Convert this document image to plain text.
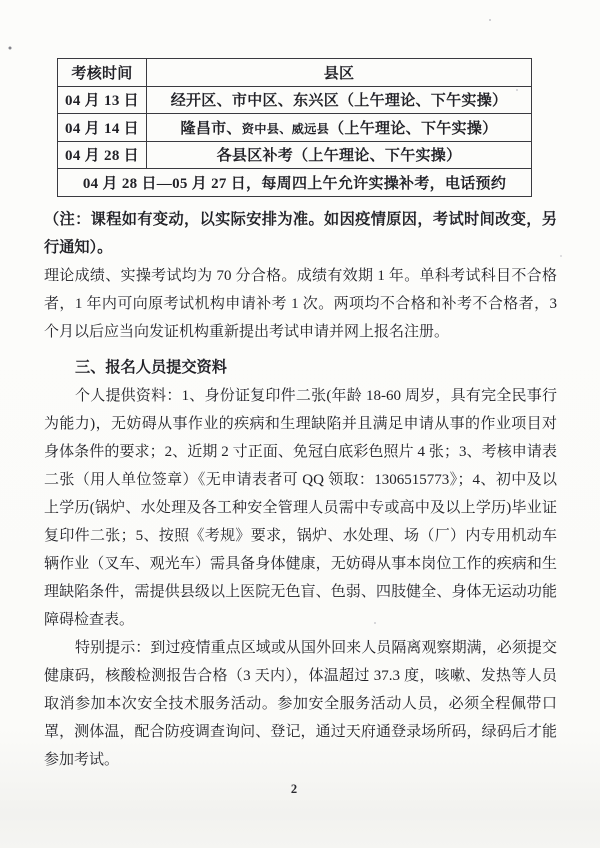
考核时间	县区
04 月 13 日	经开区、市中区、东兴区（上午理论、下午实操）
04 月 14 日	隆昌市、资中县、威远县（上午理论、下午实操）
04 月 28 日	各县区补考（上午理论、下午实操）
04 月 28 日—05 月 27 日，每周四上午允许实操补考，电话预约	

（注：课程如有变动，以实际安排为准。如因疫情原因，考试时间改变，另行通知）。

理论成绩、实操考试均为 70 分合格。成绩有效期 1 年。单科考试科目不合格者，1 年内可向原考试机构申请补考 1 次。两项均不合格和补考不合格者，3 个月以后应当向发证机构重新提出考试申请并网上报名注册。

三、报名人员提交资料

个人提供资料：1、身份证复印件二张(年龄 18-60 周岁，具有完全民事行为能力)，无妨碍从事作业的疾病和生理缺陷并且满足申请从事的作业项目对身体条件的要求；2、近期 2 寸正面、免冠白底彩色照片 4 张；3、考核申请表二张（用人单位签章）《无申请表者可 QQ 领取：1306515773》；4、初中及以上学历(锅炉、水处理及各工种安全管理人员需中专或高中及以上学历)毕业证复印件二张；5、按照《考规》要求，锅炉、水处理、场（厂）内专用机动车辆作业（叉车、观光车）需具备身体健康，无妨碍从事本岗位工作的疾病和生理缺陷条件，需提供县级以上医院无色盲、色弱、四肢健全、身体无运动功能障碍检查表。

特别提示：到过疫情重点区域或从国外回来人员隔离观察期满，必须提交健康码，核酸检测报告合格（3 天内），体温超过 37.3 度，咳嗽、发热等人员取消参加本次安全技术服务活动。参加安全服务活动人员，必须全程佩带口罩，测体温，配合防疫调查询问、登记，通过天府通登录场所码，绿码后才能参加考试。

2
